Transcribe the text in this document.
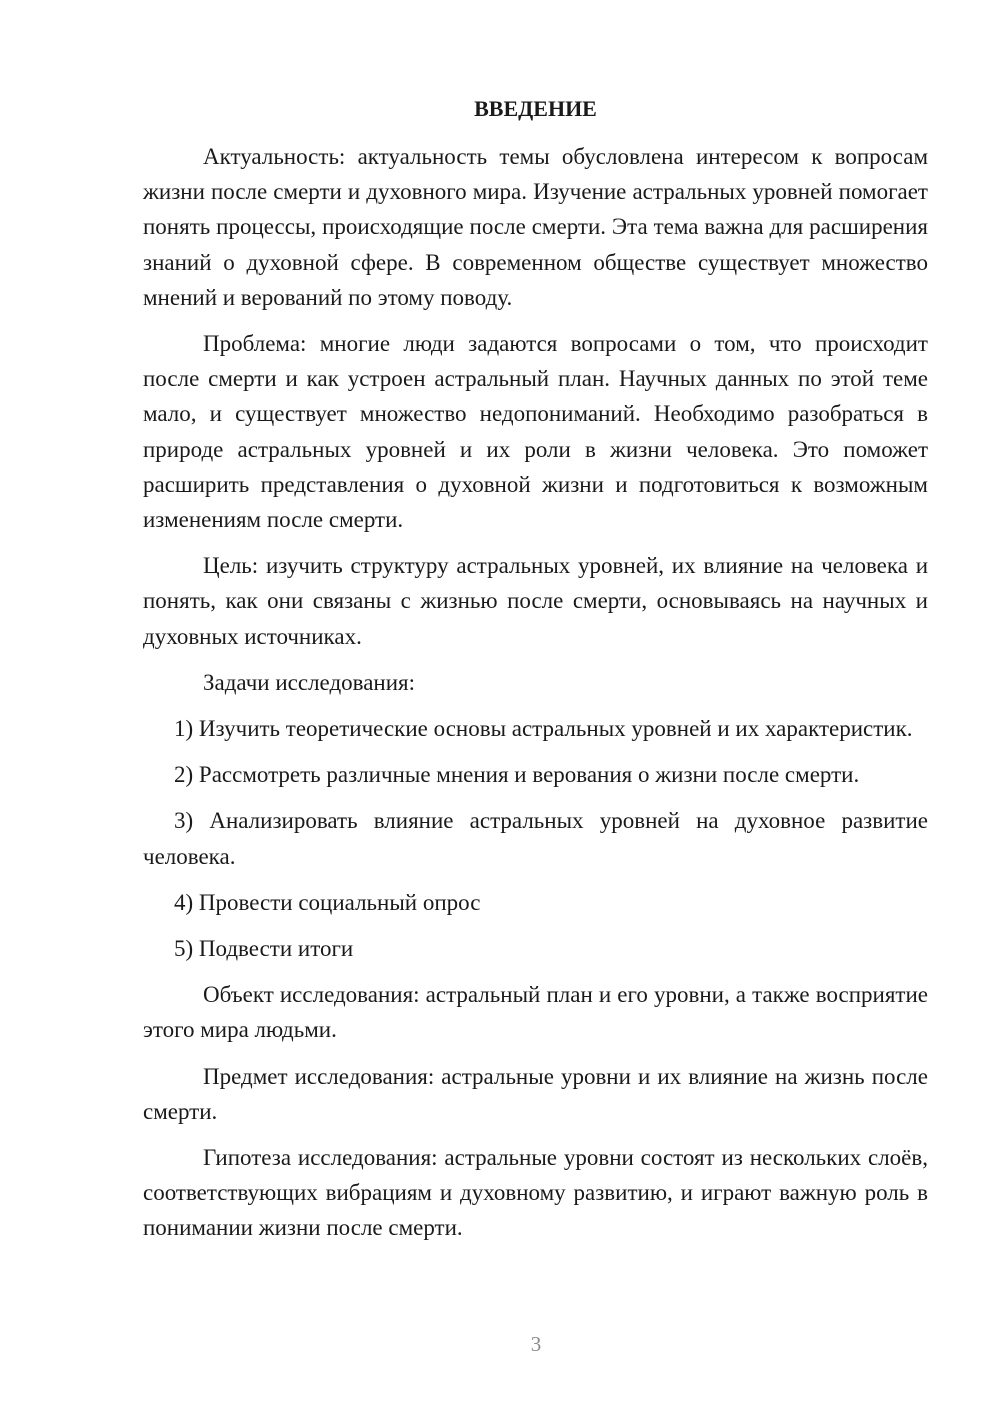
ВВЕДЕНИЕ

Актуальность: актуальность темы обусловлена интересом к вопросам жизни после смерти и духовного мира. Изучение астральных уровней помогает понять процессы, происходящие после смерти. Эта тема важна для расширения знаний о духовной сфере. В современном обществе существует множество мнений и верований по этому поводу.

Проблема: многие люди задаются вопросами о том, что происходит после смерти и как устроен астральный план. Научных данных по этой теме мало, и существует множество недопониманий. Необходимо разобраться в природе астральных уровней и их роли в жизни человека. Это поможет расширить представления о духовной жизни и подготовиться к возможным изменениям после смерти.

Цель: изучить структуру астральных уровней, их влияние на человека и понять, как они связаны с жизнью после смерти, основываясь на научных и духовных источниках.

Задачи исследования:

1) Изучить теоретические основы астральных уровней и их характеристик.

2) Рассмотреть различные мнения и верования о жизни после смерти.

3) Анализировать влияние астральных уровней на духовное развитие человека.

4) Провести социальный опрос

5) Подвести итоги

Объект исследования: астральный план и его уровни, а также восприятие этого мира людьми.

Предмет исследования: астральные уровни и их влияние на жизнь после смерти.

Гипотеза исследования: астральные уровни состоят из нескольких слоёв, соответствующих вибрациям и духовному развитию, и играют важную роль в понимании жизни после смерти.

3
